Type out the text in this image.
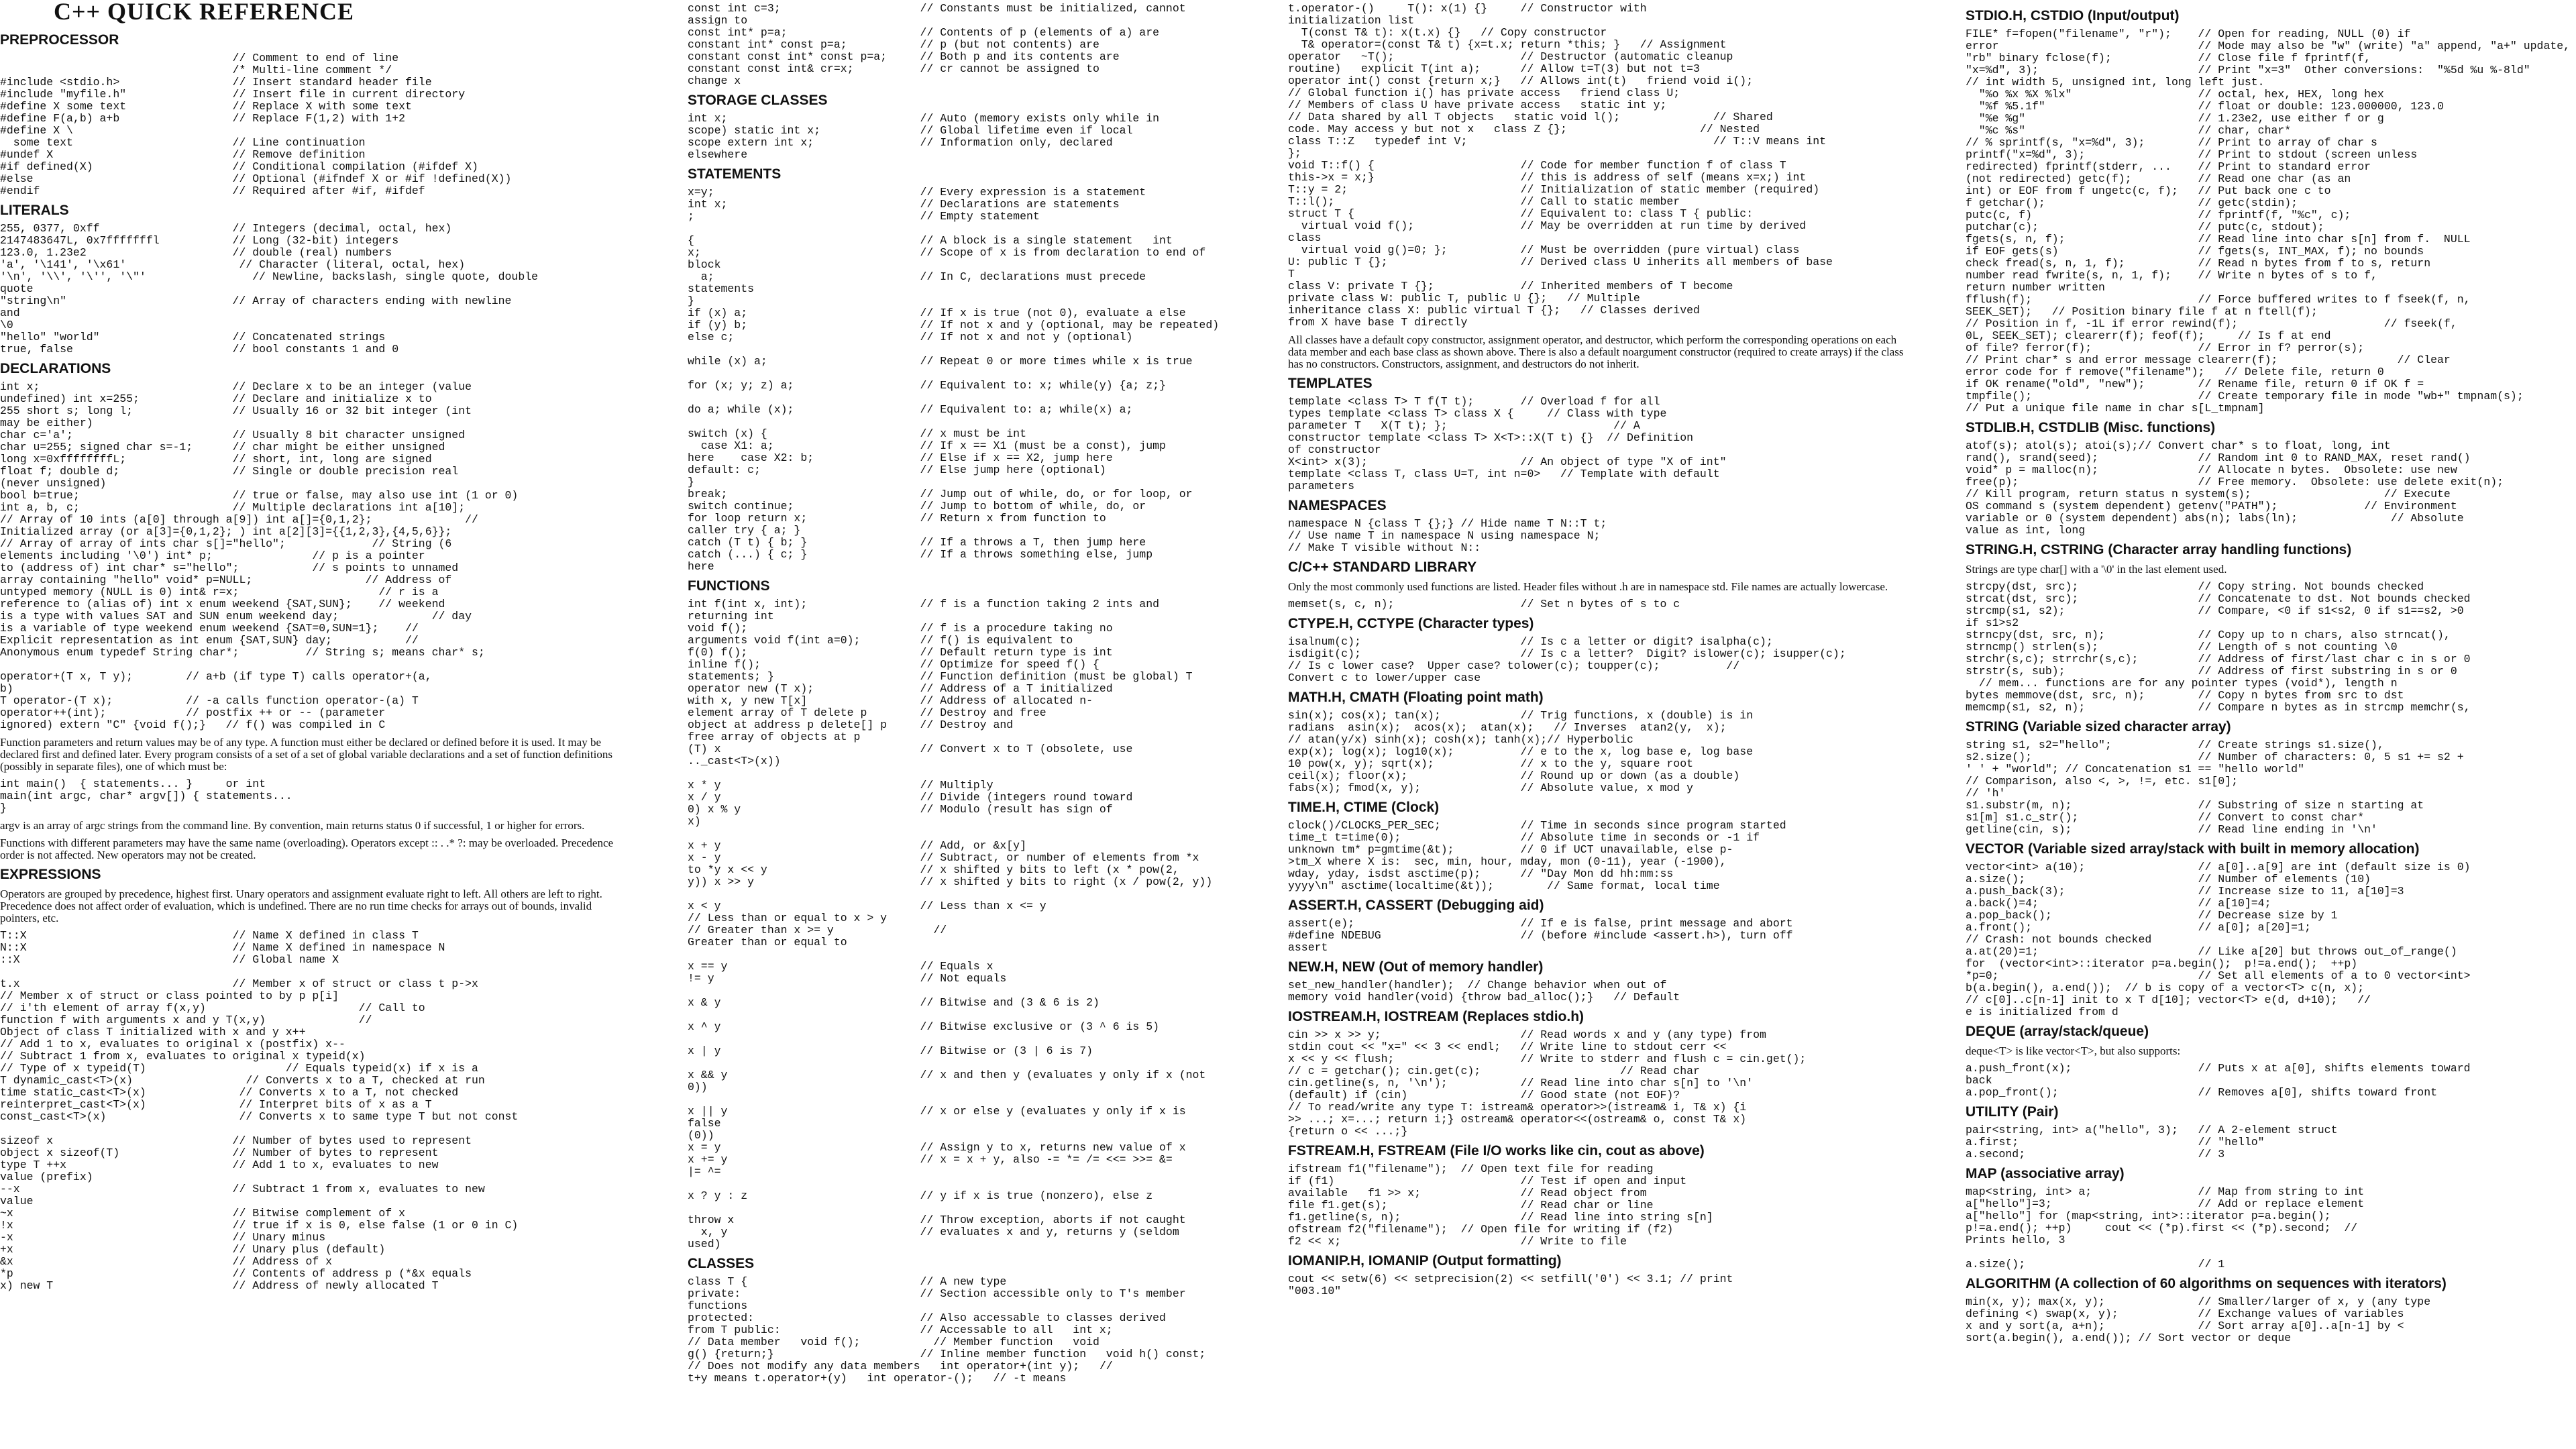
C++ QUICK REFERENCE
PREPROCESSOR
// Comment to end of line
/* Multi-line comment */
#include <stdio.h>                 // Insert standard header file
#include "myfile.h"                // Insert file in current directory
#define X some text                // Replace X with some text
#define F(a,b) a+b                 // Replace F(1,2) with 1+2
#define X \
some text                        // Line continuation
#undef X                           // Remove definition
#if defined(X)                     // Conditional compilation (#ifdef X)
#else                              // Optional (#ifndef X or #if !defined(X))
#endif                             // Required after #if, #ifdef
LITERALS
255, 0377, 0xff                    // Integers (decimal, octal, hex)
2147483647L, 0x7fffffffl           // Long (32-bit) integers
123.0, 1.23e2                      // double (real) numbers
'a', '\141', '\x61'                 // Character (literal, octal, hex)
'\n', '\\', '\'', '\"'                // Newline, backslash, single quote, double
quote
"string\n"                         // Array of characters ending with newline
and
\0
"hello" "world"                    // Concatenated strings
true, false                        // bool constants 1 and 0
DECLARATIONS
int x;                             // Declare x to be an integer (value
undefined) int x=255;              // Declare and initialize x to
255 short s; long l;               // Usually 16 or 32 bit integer (int
may be either)
char c='a';                        // Usually 8 bit character unsigned
char u=255; signed char s=-1;      // char might be either unsigned
long x=0xffffffffL;                // short, int, long are signed
float f; double d;                 // Single or double precision real
(never unsigned)
bool b=true;                       // true or false, may also use int (1 or 0)
int a, b, c;                       // Multiple declarations int a[10];
// Array of 10 ints (a[0] through a[9]) int a[]={0,1,2};              //
Initialized array (or a[3]={0,1,2}; ) int a[2][3]={{1,2,3},{4,5,6}};
// Array of array of ints char s[]="hello";             // String (6
elements including '\0') int* p;               // p is a pointer
to (address of) int char* s="hello";           // s points to unnamed
array containing "hello" void* p=NULL;                 // Address of
untyped memory (NULL is 0) int& r=x;                     // r is a
reference to (alias of) int x enum weekend {SAT,SUN};    // weekend
is a type with values SAT and SUN enum weekend day;              // day
is a variable of type weekend enum weekend {SAT=0,SUN=1};    //
Explicit representation as int enum {SAT,SUN} day;           //
Anonymous enum typedef String char*;          // String s; means char* s;

operator+(T x, T y);        // a+b (if type T) calls operator+(a,
b)
T operator-(T x);           // -a calls function operator-(a) T
operator++(int);            // postfix ++ or -- (parameter
ignored) extern "C" {void f();}   // f() was compiled in C

Function parameters and return values may be of any type. A function must either be declared or defined before it is used. It may be declared first and defined later. Every program consists of a set of a set of global variable declarations and a set of function definitions (possibly in separate files), one of which must be:

int main()  { statements... }     or int
main(int argc, char* argv[]) { statements...
}

argv is an array of argc strings from the command line. By convention, main returns status 0 if successful, 1 or higher for errors.

Functions with different parameters may have the same name (overloading). Operators except :: . .* ?: may be overloaded. Precedence order is not affected. New operators may not be created.

EXPRESSIONS

Operators are grouped by precedence, highest first. Unary operators and assignment evaluate right to left. All others are left to right. Precedence does not affect order of evaluation, which is undefined. There are no run time checks for arrays out of bounds, invalid pointers, etc.

T::X                               // Name X defined in class T
N::X                               // Name X defined in namespace N
::X                                // Global name X

t.x                                // Member x of struct or class t p->x
// Member x of struct or class pointed to by p p[i]
// i'th element of array f(x,y)                       // Call to
function f with arguments x and y T(x,y)              //
Object of class T initialized with x and y x++
// Add 1 to x, evaluates to original x (postfix) x--
// Subtract 1 from x, evaluates to original x typeid(x)
// Type of x typeid(T)                     // Equals typeid(x) if x is a
T dynamic_cast<T>(x)                 // Converts x to a T, checked at run
time static_cast<T>(x)              // Converts x to a T, not checked
reinterpret_cast<T>(x)              // Interpret bits of x as a T
const_cast<T>(x)                    // Converts x to same type T but not const

sizeof x                           // Number of bytes used to represent
object x sizeof(T)                 // Number of bytes to represent
type T ++x                         // Add 1 to x, evaluates to new
value (prefix)
--x                                // Subtract 1 from x, evaluates to new
value
~x                                 // Bitwise complement of x
!x                                 // true if x is 0, else false (1 or 0 in C)
-x                                 // Unary minus
+x                                 // Unary plus (default)
&x                                 // Address of x
*p                                 // Contents of address p (*&x equals
x) new T                           // Address of newly allocated T
const int c=3;                     // Constants must be initialized, cannot
assign to
const int* p=a;                    // Contents of p (elements of a) are
constant int* const p=a;           // p (but not contents) are
constant const int* const p=a;     // Both p and its contents are
constant const int& cr=x;          // cr cannot be assigned to
change x
STORAGE CLASSES
int x;                             // Auto (memory exists only while in
scope) static int x;               // Global lifetime even if local
scope extern int x;                // Information only, declared
elsewhere
STATEMENTS
x=y;                               // Every expression is a statement
int x;                             // Declarations are statements
;                                  // Empty statement

{                                  // A block is a single statement   int
x;                                 // Scope of x is from declaration to end of
block
a;                               // In C, declarations must precede
statements
}
if (x) a;                          // If x is true (not 0), evaluate a else
if (y) b;                          // If not x and y (optional, may be repeated)
else c;                            // If not x and not y (optional)

while (x) a;                       // Repeat 0 or more times while x is true

for (x; y; z) a;                   // Equivalent to: x; while(y) {a; z;}

do a; while (x);                   // Equivalent to: a; while(x) a;

switch (x) {                       // x must be int
case X1: a;                      // If x == X1 (must be a const), jump
here    case X2: b;                // Else if x == X2, jump here
default: c;                        // Else jump here (optional)
}
break;                             // Jump out of while, do, or for loop, or
switch continue;                   // Jump to bottom of while, do, or
for loop return x;                 // Return x from function to
caller try { a; }
catch (T t) { b; }                 // If a throws a T, then jump here
catch (...) { c; }                 // If a throws something else, jump
here
FUNCTIONS
int f(int x, int);                 // f is a function taking 2 ints and
returning int
void f();                          // f is a procedure taking no
arguments void f(int a=0);         // f() is equivalent to
f(0) f();                          // Default return type is int
inline f();                        // Optimize for speed f() {
statements; }                      // Function definition (must be global) T
operator new (T x);                // Address of a T initialized
with x, y new T[x]                 // Address of allocated n-
element array of T delete p        // Destroy and free
object at address p delete[] p     // Destroy and
free array of objects at p
(T) x                              // Convert x to T (obsolete, use
.._cast<T>(x))

x * y                              // Multiply
x / y                              // Divide (integers round toward
0) x % y                           // Modulo (result has sign of
x)

x + y                              // Add, or &x[y]
x - y                              // Subtract, or number of elements from *x
to *y x << y                       // x shifted y bits to left (x * pow(2,
y)) x >> y                         // x shifted y bits to right (x / pow(2, y))

x < y                              // Less than x <= y
// Less than or equal to x > y
// Greater than x >= y               //
Greater than or equal to

x == y                             // Equals x
!= y                               // Not equals

x & y                              // Bitwise and (3 & 6 is 2)

x ^ y                              // Bitwise exclusive or (3 ^ 6 is 5)

x | y                              // Bitwise or (3 | 6 is 7)

x && y                             // x and then y (evaluates y only if x (not
0))

x || y                             // x or else y (evaluates y only if x is
false
(0))
x = y                              // Assign y to x, returns new value of x
x += y                             // x = x + y, also -= *= /= <<= >>= &=
|= ^=

x ? y : z                          // y if x is true (nonzero), else z

throw x                            // Throw exception, aborts if not caught
x, y                             // evaluates x and y, returns y (seldom
used)
CLASSES
class T {                          // A new type
private:                           // Section accessible only to T's member
functions
protected:                         // Also accessable to classes derived
from T public:                     // Accessable to all   int x;
// Data member   void f();           // Member function   void
g() {return;}                      // Inline member function   void h() const;
// Does not modify any data members   int operator+(int y);   //
t+y means t.operator+(y)   int operator-();   // -t means
t.operator-()     T(): x(1) {}     // Constructor with
initialization list
T(const T& t): x(t.x) {}   // Copy constructor
T& operator=(const T& t) {x=t.x; return *this; }   // Assignment
operator   ~T();                   // Destructor (automatic cleanup
routine)   explicit T(int a);      // Allow t=T(3) but not t=3
operator int() const {return x;}   // Allows int(t)   friend void i();
// Global function i() has private access   friend class U;
// Members of class U have private access   static int y;
// Data shared by all T objects   static void l();              // Shared
code. May access y but not x   class Z {};                    // Nested
class T::Z   typedef int V;                                     // T::V means int
};
void T::f() {                      // Code for member function f of class T
this->x = x;}                      // this is address of self (means x=x;) int
T::y = 2;                          // Initialization of static member (required)
T::l();                            // Call to static member
struct T {                         // Equivalent to: class T { public:
virtual void f();                // May be overridden at run time by derived
class
virtual void g()=0; };           // Must be overridden (pure virtual) class
U: public T {};                    // Derived class U inherits all members of base
T
class V: private T {};             // Inherited members of T become
private class W: public T, public U {};   // Multiple
inheritance class X: public virtual T {};   // Classes derived
from X have base T directly

All classes have a default copy constructor, assignment operator, and destructor, which perform the corresponding operations on each data member and each base class as shown above. There is also a default noargument constructor (required to create arrays) if the class has no constructors. Constructors, assignment, and destructors do not inherit.

TEMPLATES
template <class T> T f(T t);       // Overload f for all
types template <class T> class X {     // Class with type
parameter T   X(T t); };                         // A
constructor template <class T> X<T>::X(T t) {}  // Definition
of constructor
X<int> x(3);                       // An object of type "X of int"
template <class T, class U=T, int n=0>   // Template with default
parameters
NAMESPACES
namespace N {class T {};} // Hide name T N::T t;
// Use name T in namespace N using namespace N;
// Make T visible without N::
C/C++ STANDARD LIBRARY

Only the most commonly used functions are listed. Header files without .h are in namespace std. File names are actually lowercase.

memset(s, c, n);                   // Set n bytes of s to c
CTYPE.H, CCTYPE (Character types)
isalnum(c);                        // Is c a letter or digit? isalpha(c);
isdigit(c);                        // Is c a letter?  Digit? islower(c); isupper(c);
// Is c lower case?  Upper case? tolower(c); toupper(c);          //
Convert c to lower/upper case
MATH.H, CMATH (Floating point math)
sin(x); cos(x); tan(x);            // Trig functions, x (double) is in
radians  asin(x);  acos(x);  atan(x);   // Inverses  atan2(y,  x);
// atan(y/x) sinh(x); cosh(x); tanh(x);// Hyperbolic
exp(x); log(x); log10(x);          // e to the x, log base e, log base
10 pow(x, y); sqrt(x);             // x to the y, square root
ceil(x); floor(x);                 // Round up or down (as a double)
fabs(x); fmod(x, y);               // Absolute value, x mod y
TIME.H, CTIME (Clock)
clock()/CLOCKS_PER_SEC;            // Time in seconds since program started
time_t t=time(0);                  // Absolute time in seconds or -1 if
unknown tm* p=gmtime(&t);          // 0 if UCT unavailable, else p-
>tm_X where X is:  sec, min, hour, mday, mon (0-11), year (-1900),
wday, yday, isdst asctime(p);      // "Day Mon dd hh:mm:ss
yyyy\n" asctime(localtime(&t));        // Same format, local time
ASSERT.H, CASSERT (Debugging aid)
assert(e);                         // If e is false, print message and abort
#define NDEBUG                     // (before #include <assert.h>), turn off
assert
NEW.H, NEW (Out of memory handler)
set_new_handler(handler);  // Change behavior when out of
memory void handler(void) {throw bad_alloc();}   // Default
IOSTREAM.H, IOSTREAM (Replaces stdio.h)
cin >> x >> y;                     // Read words x and y (any type) from
stdin cout << "x=" << 3 << endl;   // Write line to stdout cerr <<
x << y << flush;                   // Write to stderr and flush c = cin.get();
// c = getchar(); cin.get(c);                     // Read char
cin.getline(s, n, '\n');           // Read line into char s[n] to '\n'
(default) if (cin)                 // Good state (not EOF)?
// To read/write any type T: istream& operator>>(istream& i, T& x) {i
>> ...; x=...; return i;} ostream& operator<<(ostream& o, const T& x)
{return o << ...;}
FSTREAM.H, FSTREAM (File I/O works like cin, cout as above)
ifstream f1("filename");  // Open text file for reading
if (f1)                            // Test if open and input
available   f1 >> x;               // Read object from
file f1.get(s);                    // Read char or line
f1.getline(s, n);                  // Read line into string s[n]
ofstream f2("filename");  // Open file for writing if (f2)
f2 << x;                           // Write to file
IOMANIP.H, IOMANIP (Output formatting)
cout << setw(6) << setprecision(2) << setfill('0') << 3.1; // print
"003.10"
STDIO.H, CSTDIO (Input/output)
FILE* f=fopen("filename", "r");    // Open for reading, NULL (0) if
error                              // Mode may also be "w" (write) "a" append, "a+" update,
"rb" binary fclose(f);             // Close file f fprintf(f,
"x=%d", 3);                        // Print "x=3"  Other conversions:  "%5d %u %-8ld"
// int width 5, unsigned int, long left just.
"%o %x %X %lx"                   // octal, hex, HEX, long hex
"%f %5.1f"                       // float or double: 123.000000, 123.0
"%e %g"                          // 1.23e2, use either f or g
"%c %s"                          // char, char*
// % sprintf(s, "x=%d", 3);        // Print to array of char s
printf("x=%d", 3);                 // Print to stdout (screen unless
redirected) fprintf(stderr, ...    // Print to standard error
(not redirected) getc(f);          // Read one char (as an
int) or EOF from f ungetc(c, f);   // Put back one c to
f getchar();                       // getc(stdin);
putc(c, f)                         // fprintf(f, "%c", c);
putchar(c);                        // putc(c, stdout);
fgets(s, n, f);                    // Read line into char s[n] from f.  NULL
if EOF gets(s)                     // fgets(s, INT_MAX, f); no bounds
check fread(s, n, 1, f);           // Read n bytes from f to s, return
number read fwrite(s, n, 1, f);    // Write n bytes of s to f,
return number written
fflush(f);                         // Force buffered writes to f fseek(f, n,
SEEK_SET);   // Position binary file f at n ftell(f);
// Position in f, -1L if error rewind(f);                      // fseek(f,
0L, SEEK_SET); clearerr(f); feof(f);     // Is f at end
of file? ferror(f);                // Error in f? perror(s);
// Print char* s and error message clearerr(f);                  // Clear
error code for f remove("filename");   // Delete file, return 0
if OK rename("old", "new");        // Rename file, return 0 if OK f =
tmpfile();                         // Create temporary file in mode "wb+" tmpnam(s);
// Put a unique file name in char s[L_tmpnam]
STDLIB.H, CSTDLIB (Misc. functions)
atof(s); atol(s); atoi(s);// Convert char* s to float, long, int
rand(), srand(seed);               // Random int 0 to RAND_MAX, reset rand()
void* p = malloc(n);               // Allocate n bytes.  Obsolete: use new
free(p);                           // Free memory.  Obsolete: use delete exit(n);
// Kill program, return status n system(s);                    // Execute
OS command s (system dependent) getenv("PATH");             // Environment
variable or 0 (system dependent) abs(n); labs(ln);              // Absolute
value as int, long
STRING.H, CSTRING (Character array handling functions)

Strings are type char[] with a '\0' in the last element used.

strcpy(dst, src);                  // Copy string. Not bounds checked
strcat(dst, src);                  // Concatenate to dst. Not bounds checked
strcmp(s1, s2);                    // Compare, <0 if s1<s2, 0 if s1==s2, >0
if s1>s2
strncpy(dst, src, n);              // Copy up to n chars, also strncat(),
strncmp() strlen(s);               // Length of s not counting \0
strchr(s,c); strrchr(s,c);         // Address of first/last char c in s or 0
strstr(s, sub);                    // Address of first substring in s or 0
// mem... functions are for any pointer types (void*), length n
bytes memmove(dst, src, n);        // Copy n bytes from src to dst
memcmp(s1, s2, n);                 // Compare n bytes as in strcmp memchr(s,
STRING (Variable sized character array)
string s1, s2="hello";             // Create strings s1.size(),
s2.size();                         // Number of characters: 0, 5 s1 += s2 +
' ' + "world"; // Concatenation s1 == "hello world"
// Comparison, also <, >, !=, etc. s1[0];
// 'h'
s1.substr(m, n);                   // Substring of size n starting at
s1[m] s1.c_str();                  // Convert to const char*
getline(cin, s);                   // Read line ending in '\n'
VECTOR (Variable sized array/stack with built in memory allocation)
vector<int> a(10);                 // a[0]..a[9] are int (default size is 0)
a.size();                          // Number of elements (10)
a.push_back(3);                    // Increase size to 11, a[10]=3
a.back()=4;                        // a[10]=4;
a.pop_back();                      // Decrease size by 1
a.front();                         // a[0]; a[20]=1;
// Crash: not bounds checked
a.at(20)=1;                        // Like a[20] but throws out_of_range()
for  (vector<int>::iterator p=a.begin();  p!=a.end();  ++p)
*p=0;                              // Set all elements of a to 0 vector<int>
b(a.begin(), a.end());  // b is copy of a vector<T> c(n, x);
// c[0]..c[n-1] init to x T d[10]; vector<T> e(d, d+10);   //
e is initialized from d
DEQUE (array/stack/queue)

deque<T> is like vector<T>, but also supports:

a.push_front(x);                   // Puts x at a[0], shifts elements toward
back
a.pop_front();                     // Removes a[0], shifts toward front
UTILITY (Pair)
pair<string, int> a("hello", 3);   // A 2-element struct
a.first;                           // "hello"
a.second;                          // 3
MAP (associative array)
map<string, int> a;                // Map from string to int
a["hello"]=3;                      // Add or replace element
a["hello"] for (map<string, int>::iterator p=a.begin();
p!=a.end(); ++p)     cout << (*p).first << (*p).second;  //
Prints hello, 3

a.size();                          // 1
ALGORITHM (A collection of 60 algorithms on sequences with iterators)
min(x, y); max(x, y);              // Smaller/larger of x, y (any type
defining <) swap(x, y);            // Exchange values of variables
x and y sort(a, a+n);              // Sort array a[0]..a[n-1] by <
sort(a.begin(), a.end()); // Sort vector or deque
